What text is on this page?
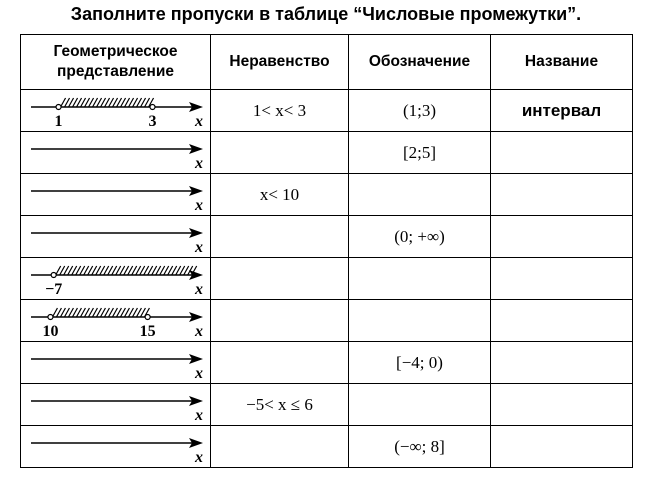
Заполните пропуски в таблице “Числовые промежутки”.
Геометрическое представление	Неравенство	Обозначение	Название

1 3 x	1< x< 3	(1;3)	интервал

x		[2;5]	

x	x< 10		

x		(0; +∞)	

−7 x			

10 15 x			

x		[−4; 0)	

x	−5< x ≤ 6		

x		(−∞; 8]	
